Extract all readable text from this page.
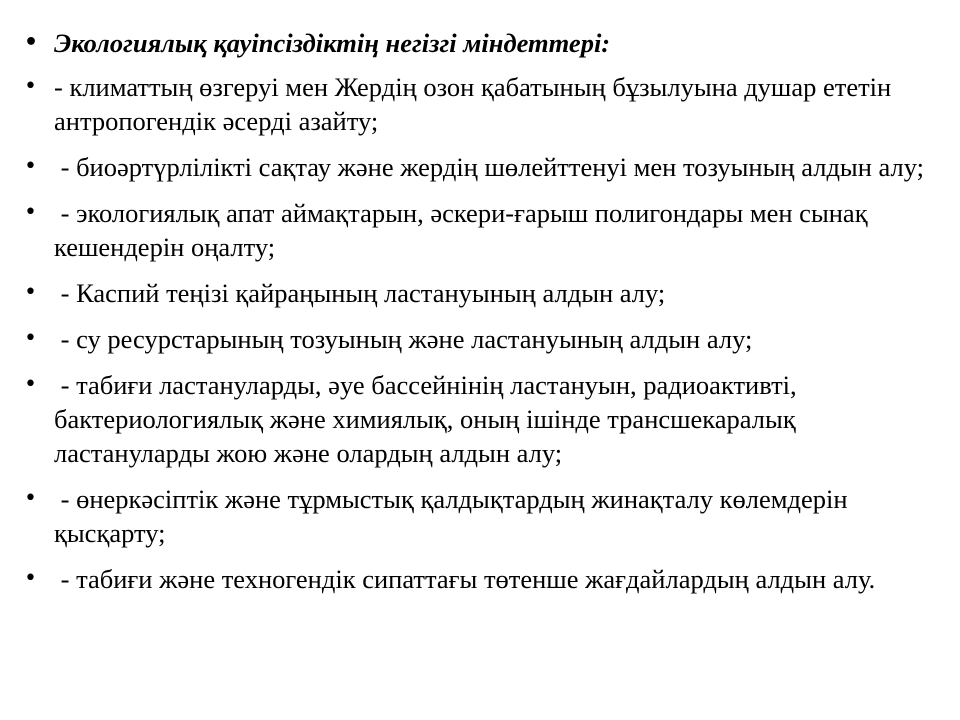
• Экологиялық қауіпсіздіктің негізгі міндеттері:
• - климаттың өзгеруі мен Жердің озон қабатының бұзылуына душар ететін антропогендік әсерді азайту;
• - биоәртүрлілікті сақтау және жердің шөлейттенуі мен тозуының алдын алу;
• - экологиялық апат аймақтарын, әскери-ғарыш полигондары мен сынақ кешендерін оңалту;
• - Каспий теңізі қайраңының ластануының алдын алу;
• - су ресурстарының тозуының және ластануының алдын алу;
• - табиғи ластануларды, әуе бассейнінің ластануын, радиоактивті, бактериологиялық және химиялық, оның ішінде трансшекаралық ластануларды жою және олардың алдын алу;
• - өнеркәсіптік және тұрмыстық қалдықтардың жинақталу көлемдерін қысқарту;
• - табиғи және техногендік сипаттағы төтенше жағдайлардың алдын алу.
